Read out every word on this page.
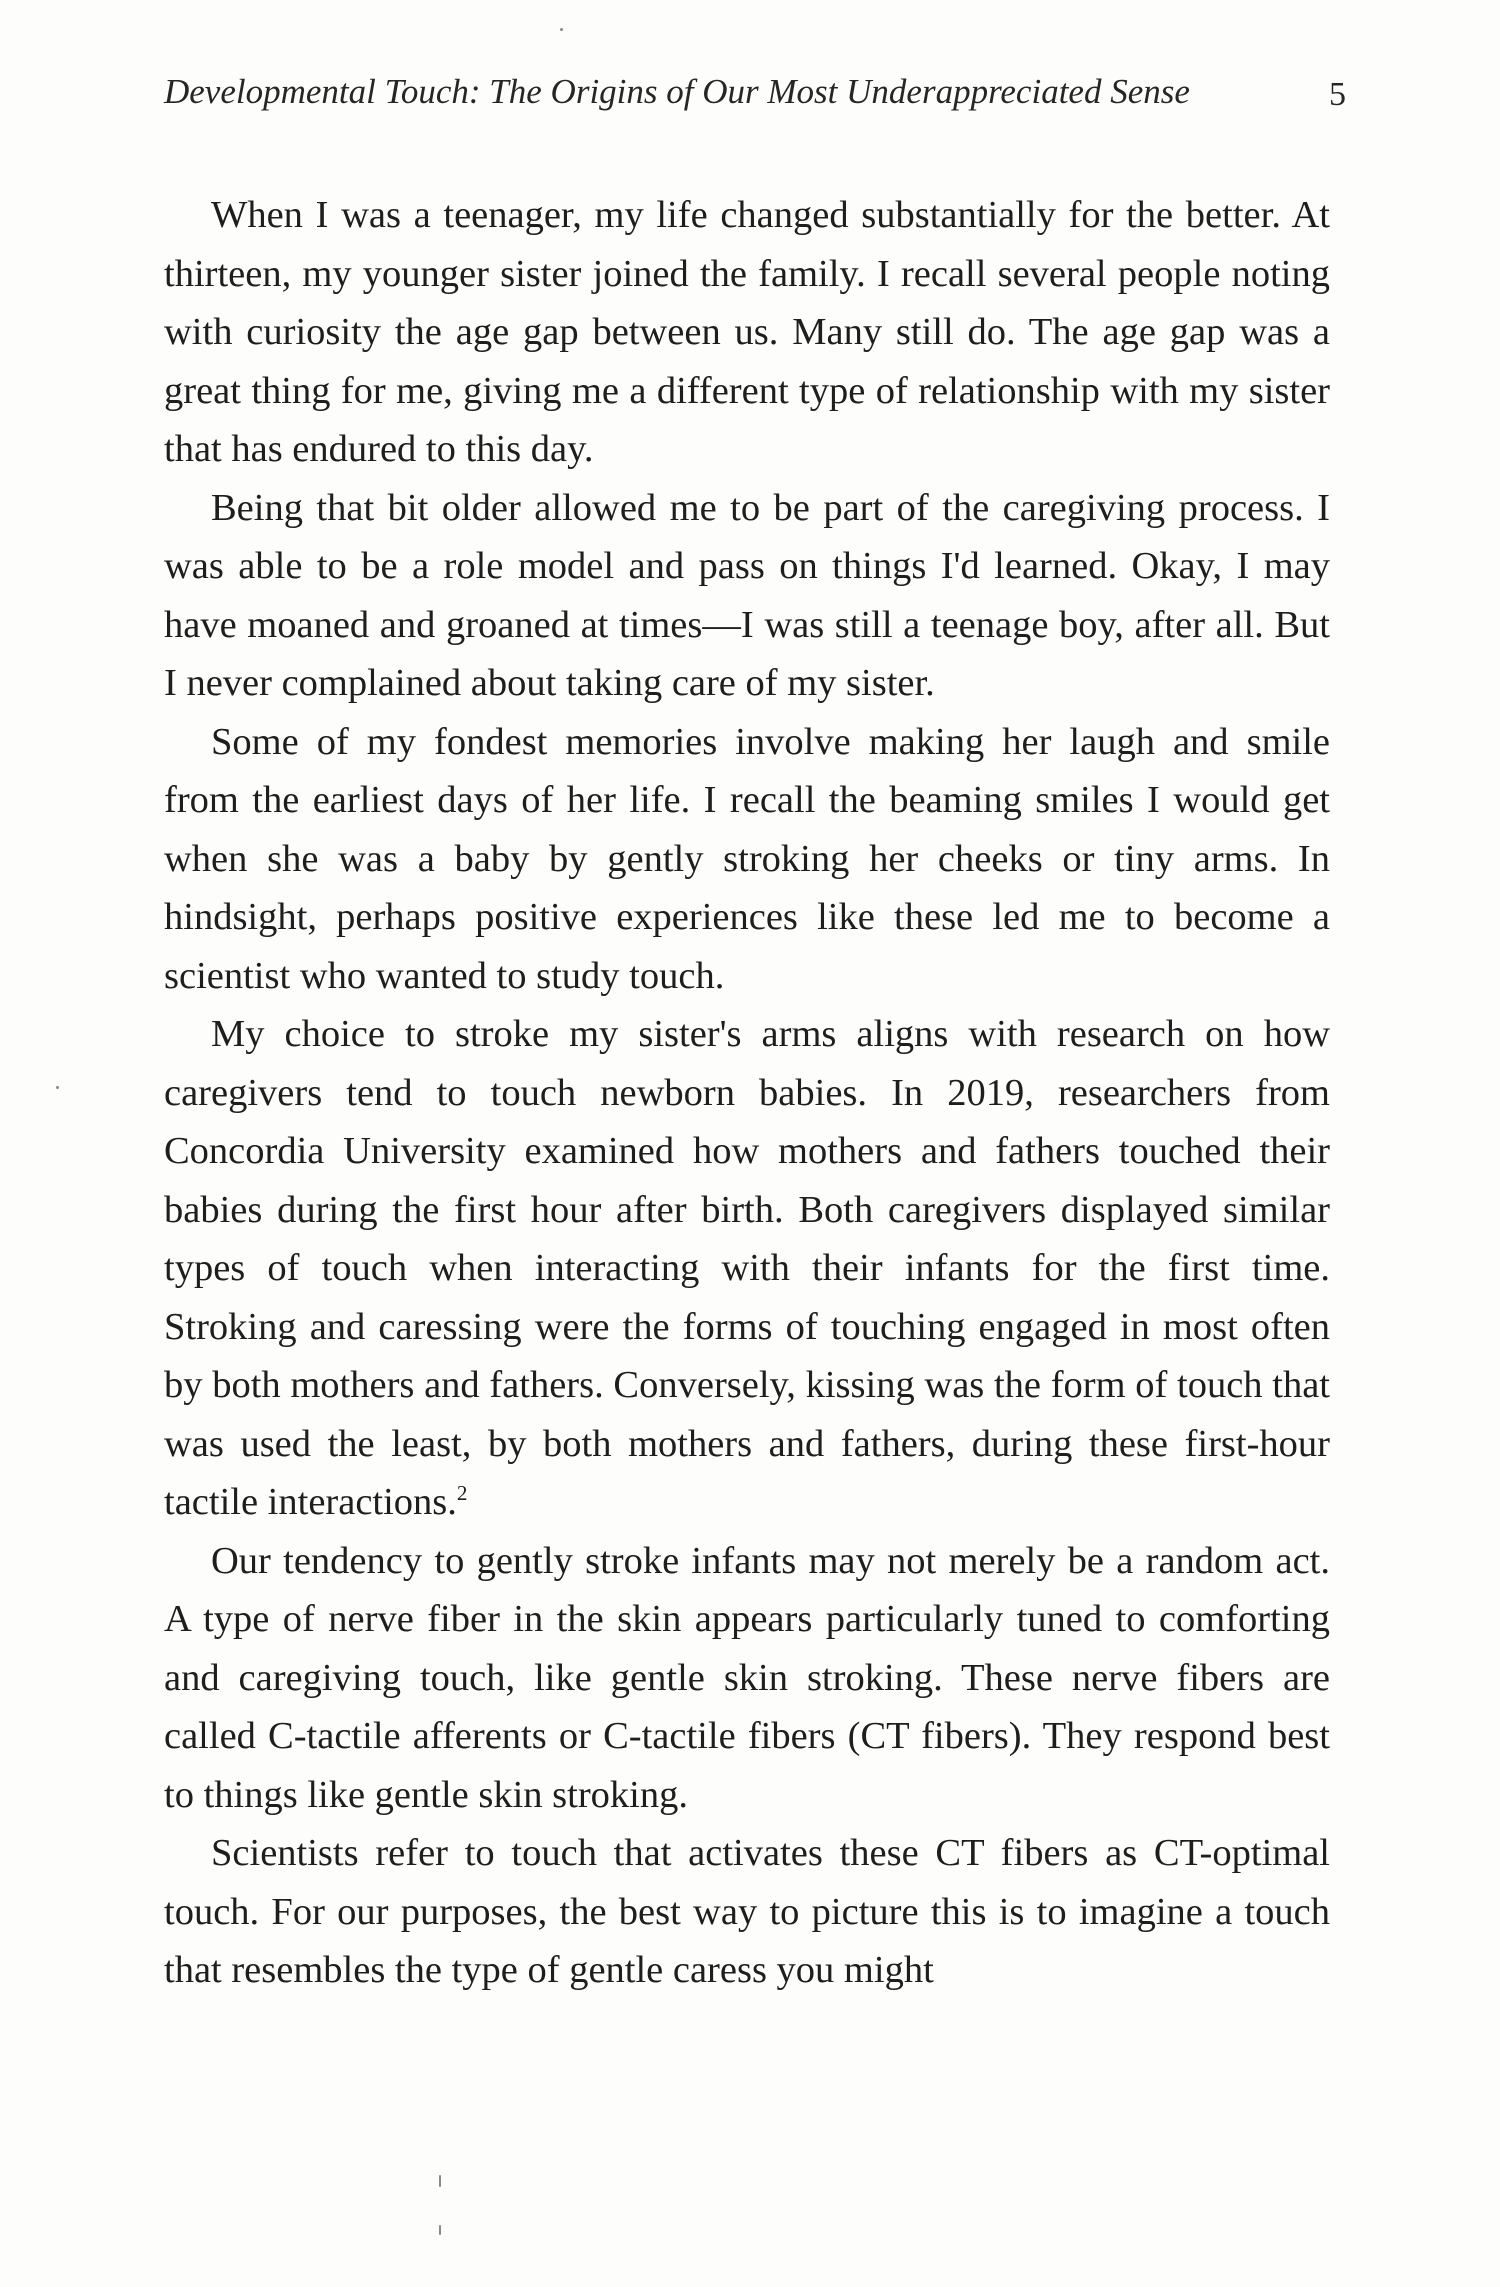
Developmental Touch: The Origins of Our Most Underappreciated Sense	5

When I was a teenager, my life changed substantially for the better. At thirteen, my younger sister joined the family. I recall several people noting with curiosity the age gap between us. Many still do. The age gap was a great thing for me, giving me a different type of relationship with my sister that has endured to this day.

Being that bit older allowed me to be part of the caregiving process. I was able to be a role model and pass on things I'd learned. Okay, I may have moaned and groaned at times—I was still a teenage boy, after all. But I never complained about taking care of my sister.

Some of my fondest memories involve making her laugh and smile from the earliest days of her life. I recall the beaming smiles I would get when she was a baby by gently stroking her cheeks or tiny arms. In hindsight, perhaps positive experiences like these led me to become a scientist who wanted to study touch.

My choice to stroke my sister's arms aligns with research on how caregivers tend to touch newborn babies. In 2019, researchers from Concordia University examined how mothers and fathers touched their babies during the first hour after birth. Both caregivers displayed similar types of touch when interacting with their infants for the first time. Stroking and caressing were the forms of touching engaged in most often by both mothers and fathers. Conversely, kissing was the form of touch that was used the least, by both mothers and fathers, during these first-hour tactile interactions.$^2$

Our tendency to gently stroke infants may not merely be a random act. A type of nerve fiber in the skin appears particularly tuned to comforting and caregiving touch, like gentle skin stroking. These nerve fibers are called C-tactile afferents or C-tactile fibers (CT fibers). They respond best to things like gentle skin stroking.

Scientists refer to touch that activates these CT fibers as CT-optimal touch. For our purposes, the best way to picture this is to imagine a touch that resembles the type of gentle caress you might
